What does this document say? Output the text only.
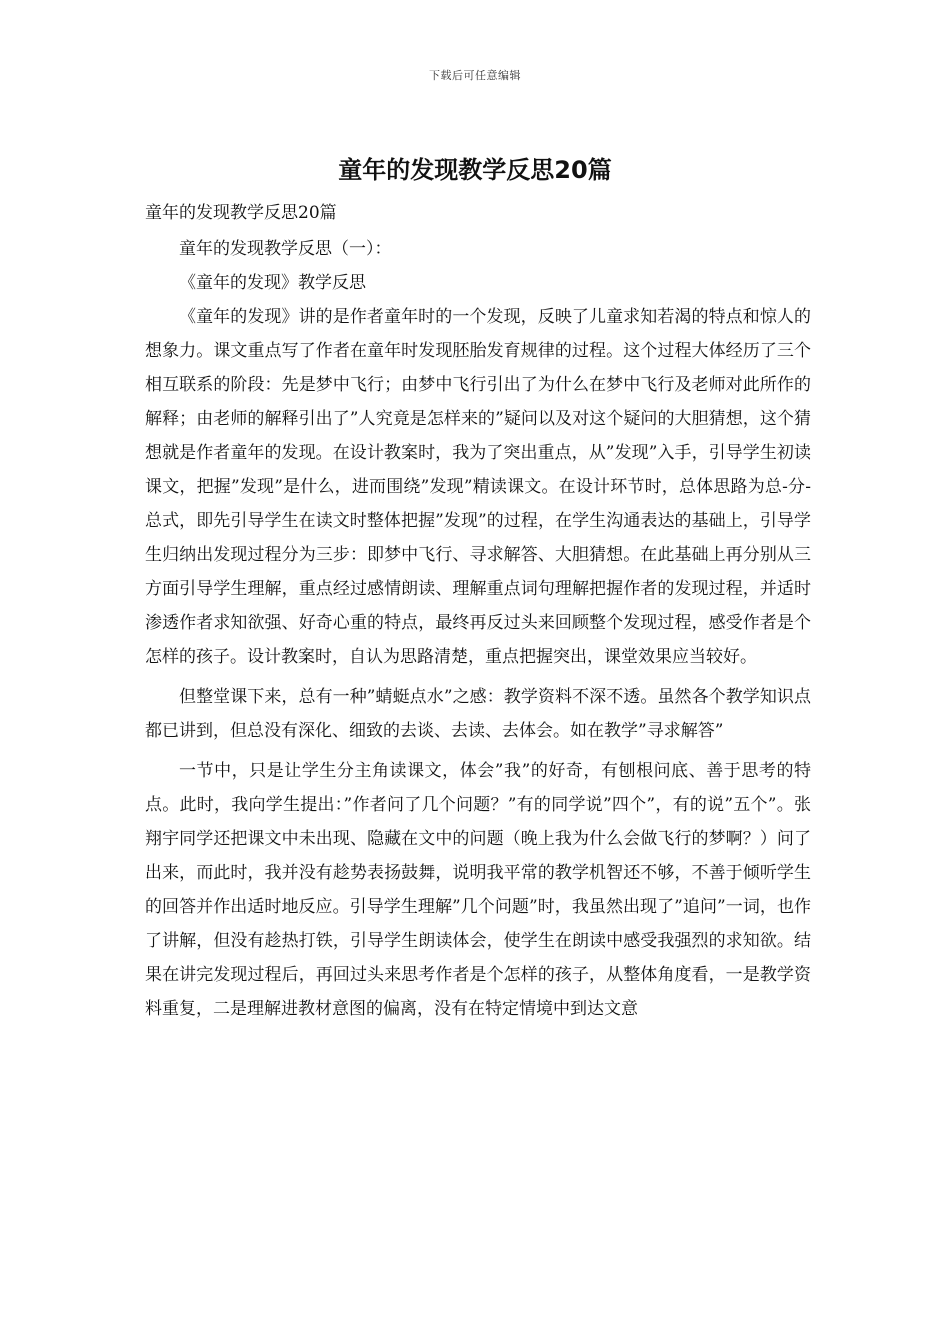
下载后可任意编辑
童年的发现教学反思20篇

童年的发现教学反思20篇

童年的发现教学反思（一）：

《童年的发现》教学反思

《童年的发现》讲的是作者童年时的一个发现，反映了儿童求知若渴的特点和惊人的想象力。课文重点写了作者在童年时发现胚胎发育规律的过程。这个过程大体经历了三个相互联系的阶段：先是梦中飞行；由梦中飞行引出了为什么在梦中飞行及老师对此所作的解释；由老师的解释引出了”人究竟是怎样来的”疑问以及对这个疑问的大胆猜想，这个猜想就是作者童年的发现。在设计教案时，我为了突出重点，从”发现”入手，引导学生初读课文，把握”发现”是什么，进而围绕”发现”精读课文。在设计环节时，总体思路为总-分-总式，即先引导学生在读文时整体把握”发现”的过程，在学生沟通表达的基础上，引导学生归纳出发现过程分为三步：即梦中飞行、寻求解答、大胆猜想。在此基础上再分别从三方面引导学生理解，重点经过感情朗读、理解重点词句理解把握作者的发现过程，并适时渗透作者求知欲强、好奇心重的特点，最终再反过头来回顾整个发现过程，感受作者是个怎样的孩子。设计教案时，自认为思路清楚，重点把握突出，课堂效果应当较好。

但整堂课下来，总有一种”蜻蜓点水”之感：教学资料不深不透。虽然各个教学知识点都已讲到，但总没有深化、细致的去谈、去读、去体会。如在教学”寻求解答”

一节中，只是让学生分主角读课文，体会”我”的好奇，有刨根问底、善于思考的特点。此时，我向学生提出：”作者问了几个问题？”有的同学说”四个”，有的说”五个”。张翔宇同学还把课文中未出现、隐藏在文中的问题（晚上我为什么会做飞行的梦啊？）问了出来，而此时，我并没有趁势表扬鼓舞，说明我平常的教学机智还不够，不善于倾听学生的回答并作出适时地反应。引导学生理解”几个问题”时，我虽然出现了”追问”一词，也作了讲解，但没有趁热打铁，引导学生朗读体会，使学生在朗读中感受我强烈的求知欲。结果在讲完发现过程后，再回过头来思考作者是个怎样的孩子，从整体角度看，一是教学资料重复，二是理解进教材意图的偏离，没有在特定情境中到达文意
